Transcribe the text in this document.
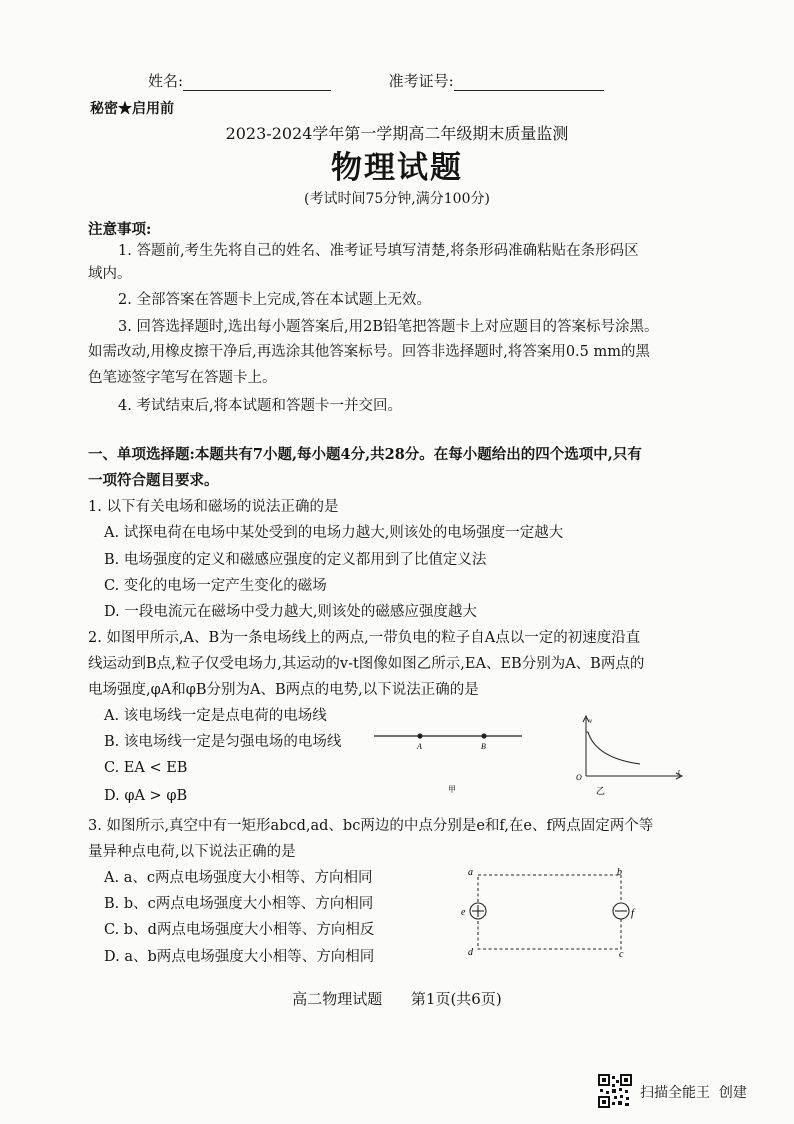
姓名:	准考证号:
秘密★启用前
2023-2024学年第一学期高二年级期末质量监测
物理试题
(考试时间75分钟,满分100分)
注意事项:
1. 答题前,考生先将自己的姓名、准考证号填写清楚,将条形码准确粘贴在条形码区
域内。
2. 全部答案在答题卡上完成,答在本试题上无效。
3. 回答选择题时,选出每小题答案后,用2B铅笔把答题卡上对应题目的答案标号涂黑。
如需改动,用橡皮擦干净后,再选涂其他答案标号。回答非选择题时,将答案用0.5 mm的黑
色笔迹签字笔写在答题卡上。
4. 考试结束后,将本试题和答题卡一并交回。
一、单项选择题:本题共有7小题,每小题4分,共28分。在每小题给出的四个选项中,只有
一项符合题目要求。
1. 以下有关电场和磁场的说法正确的是
A. 试探电荷在电场中某处受到的电场力越大,则该处的电场强度一定越大
B. 电场强度的定义和磁感应强度的定义都用到了比值定义法
C. 变化的电场一定产生变化的磁场
D. 一段电流元在磁场中受力越大,则该处的磁感应强度越大
2. 如图甲所示,A、B为一条电场线上的两点,一带负电的粒子自A点以一定的初速度沿直
线运动到B点,粒子仅受电场力,其运动的v-t图像如图乙所示,EA、EB分别为A、B两点的
电场强度,φA和φB分别为A、B两点的电势,以下说法正确的是
A. 该电场线一定是点电荷的电场线
B. 该电场线一定是匀强电场的电场线
C. EA < EB
D. φA > φB
A	B
甲
v
t
O
乙
3. 如图所示,真空中有一矩形abcd,ad、bc两边的中点分别是e和f,在e、f两点固定两个等
量异种点电荷,以下说法正确的是
A. a、c两点电场强度大小相等、方向相同
B. b、c两点电场强度大小相等、方向相同
C. b、d两点电场强度大小相等、方向相反
D. a、b两点电场强度大小相等、方向相同
a	b
c
d
e	f
高二物理试题      第1页(共6页)
扫描全能王  创建
